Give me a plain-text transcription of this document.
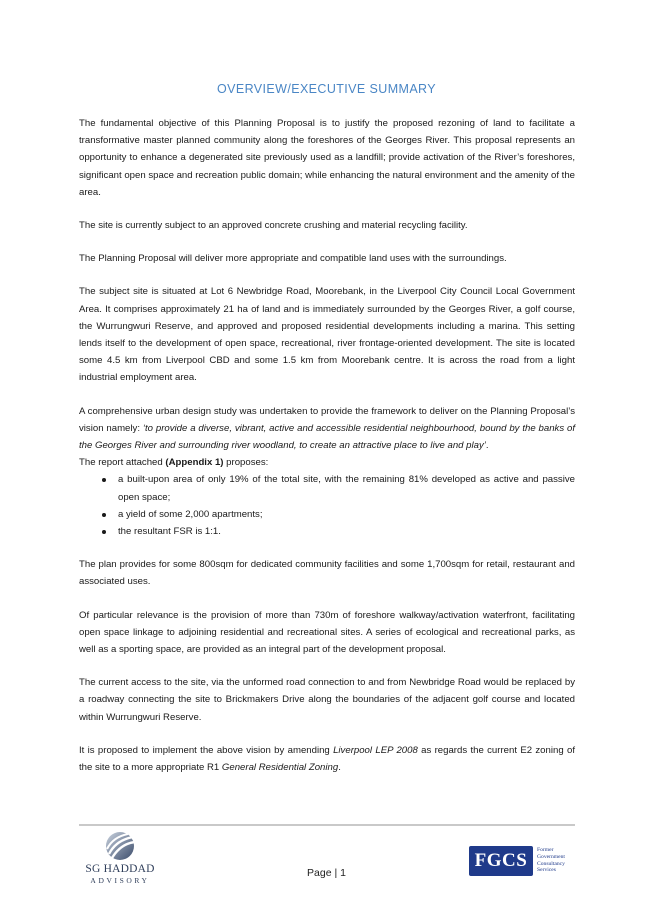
OVERVIEW/EXECUTIVE SUMMARY

The fundamental objective of this Planning Proposal is to justify the proposed rezoning of land to facilitate a transformative master planned community along the foreshores of the Georges River. This proposal represents an opportunity to enhance a degenerated site previously used as a landfill; provide activation of the River’s foreshores, significant open space and recreation public domain; while enhancing the natural environment and the amenity of the area.

The site is currently subject to an approved concrete crushing and material recycling facility.

The Planning Proposal will deliver more appropriate and compatible land uses with the surroundings.

The subject site is situated at Lot 6 Newbridge Road, Moorebank, in the Liverpool City Council Local Government Area. It comprises approximately 21 ha of land and is immediately surrounded by the Georges River, a golf course, the Wurrungwuri Reserve, and approved and proposed residential developments including a marina. This setting lends itself to the development of open space, recreational, river frontage-oriented development. The site is located some 4.5 km from Liverpool CBD and some 1.5 km from Moorebank centre. It is across the road from a light industrial employment area.

A comprehensive urban design study was undertaken to provide the framework to deliver on the Planning Proposal’s vision namely: ‘to provide a diverse, vibrant, active and accessible residential neighbourhood, bound by the banks of the Georges River and surrounding river woodland, to create an attractive place to live and play’.
The report attached (Appendix 1) proposes:

a built-upon area of only 19% of the total site, with the remaining 81% developed as active and passive open space;
a yield of some 2,000 apartments;
the resultant FSR is 1:1.

The plan provides for some 800sqm for dedicated community facilities and some 1,700sqm for retail, restaurant and associated uses.

Of particular relevance is the provision of more than 730m of foreshore walkway/activation waterfront, facilitating open space linkage to adjoining residential and recreational sites. A series of ecological and recreational parks, as well as a sporting space, are provided as an integral part of the development proposal.

The current access to the site, via the unformed road connection to and from Newbridge Road would be replaced by a roadway connecting the site to Brickmakers Drive along the boundaries of the adjacent golf course and located within Wurrungwuri Reserve.

It is proposed to implement the above vision by amending Liverpool LEP 2008 as regards the current E2 zoning of the site to a more appropriate R1 General Residential Zoning.

SG HADDAD
ADVISORY
Page | 1
FGCS	Former
Government
Consultancy
Services
